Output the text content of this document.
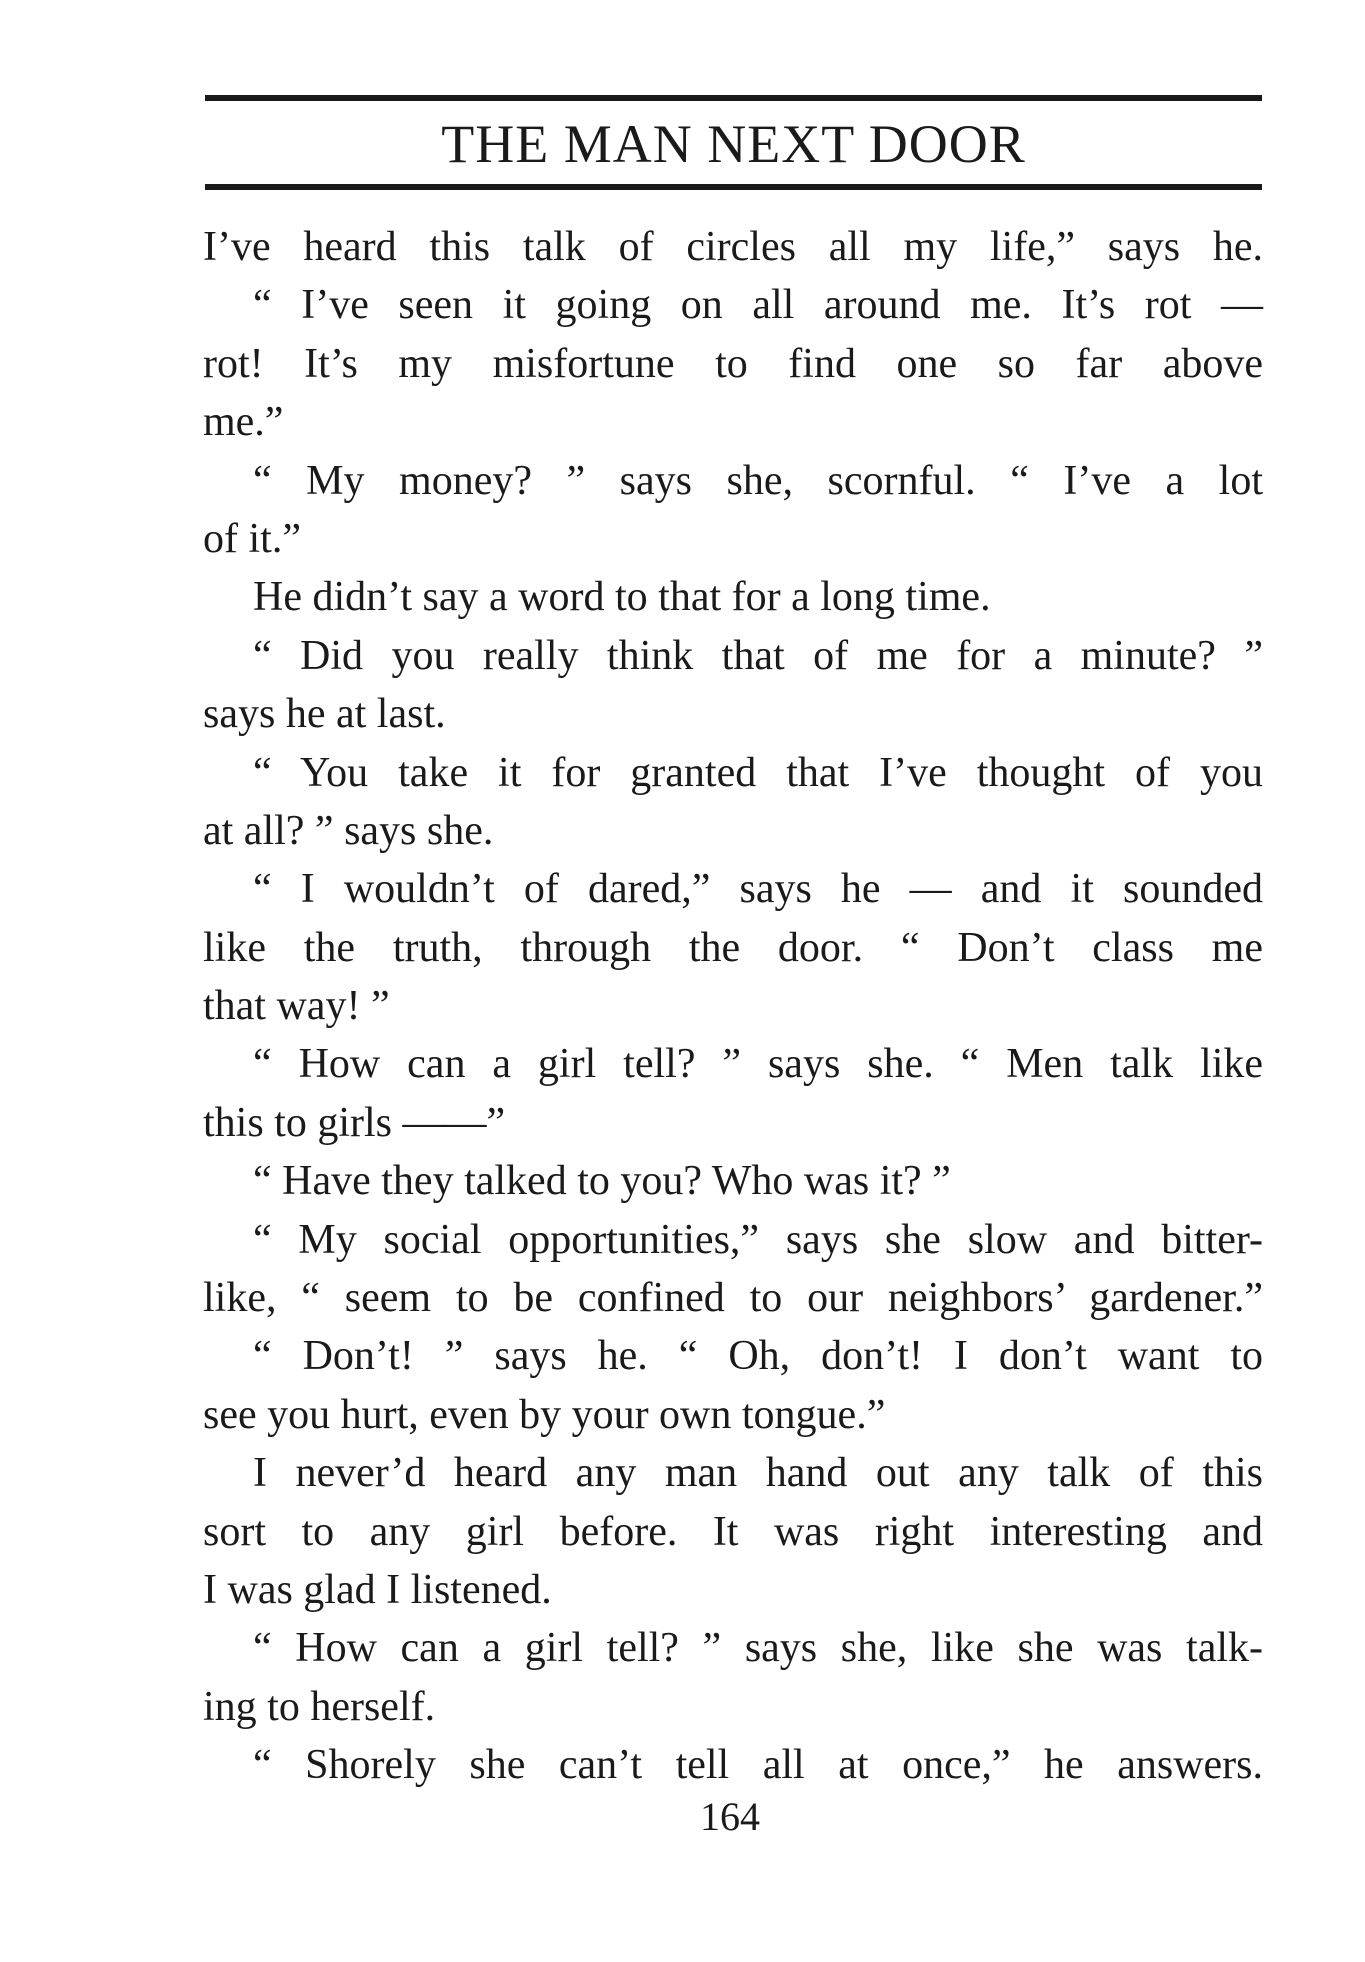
THE MAN NEXT DOOR
I’ve heard this talk of circles all my life,” says he.
“ I’ve seen it going on all around me. It’s rot —
rot! It’s my misfortune to find one so far above
me.”
“ My money? ” says she, scornful. “ I’ve a lot
of it.”
He didn’t say a word to that for a long time.
“ Did you really think that of me for a minute? ”
says he at last.
“ You take it for granted that I’ve thought of you
at all? ” says she.
“ I wouldn’t of dared,” says he — and it sounded
like the truth, through the door. “ Don’t class me
that way! ”
“ How can a girl tell? ” says she. “ Men talk like
this to girls ——”
“ Have they talked to you? Who was it? ”
“ My social opportunities,” says she slow and bitter-
like, “ seem to be confined to our neighbors’ gardener.”
“ Don’t! ” says he. “ Oh, don’t! I don’t want to
see you hurt, even by your own tongue.”
I never’d heard any man hand out any talk of this
sort to any girl before. It was right interesting and
I was glad I listened.
“ How can a girl tell? ” says she, like she was talk-
ing to herself.
“ Shorely she can’t tell all at once,” he answers.
164
